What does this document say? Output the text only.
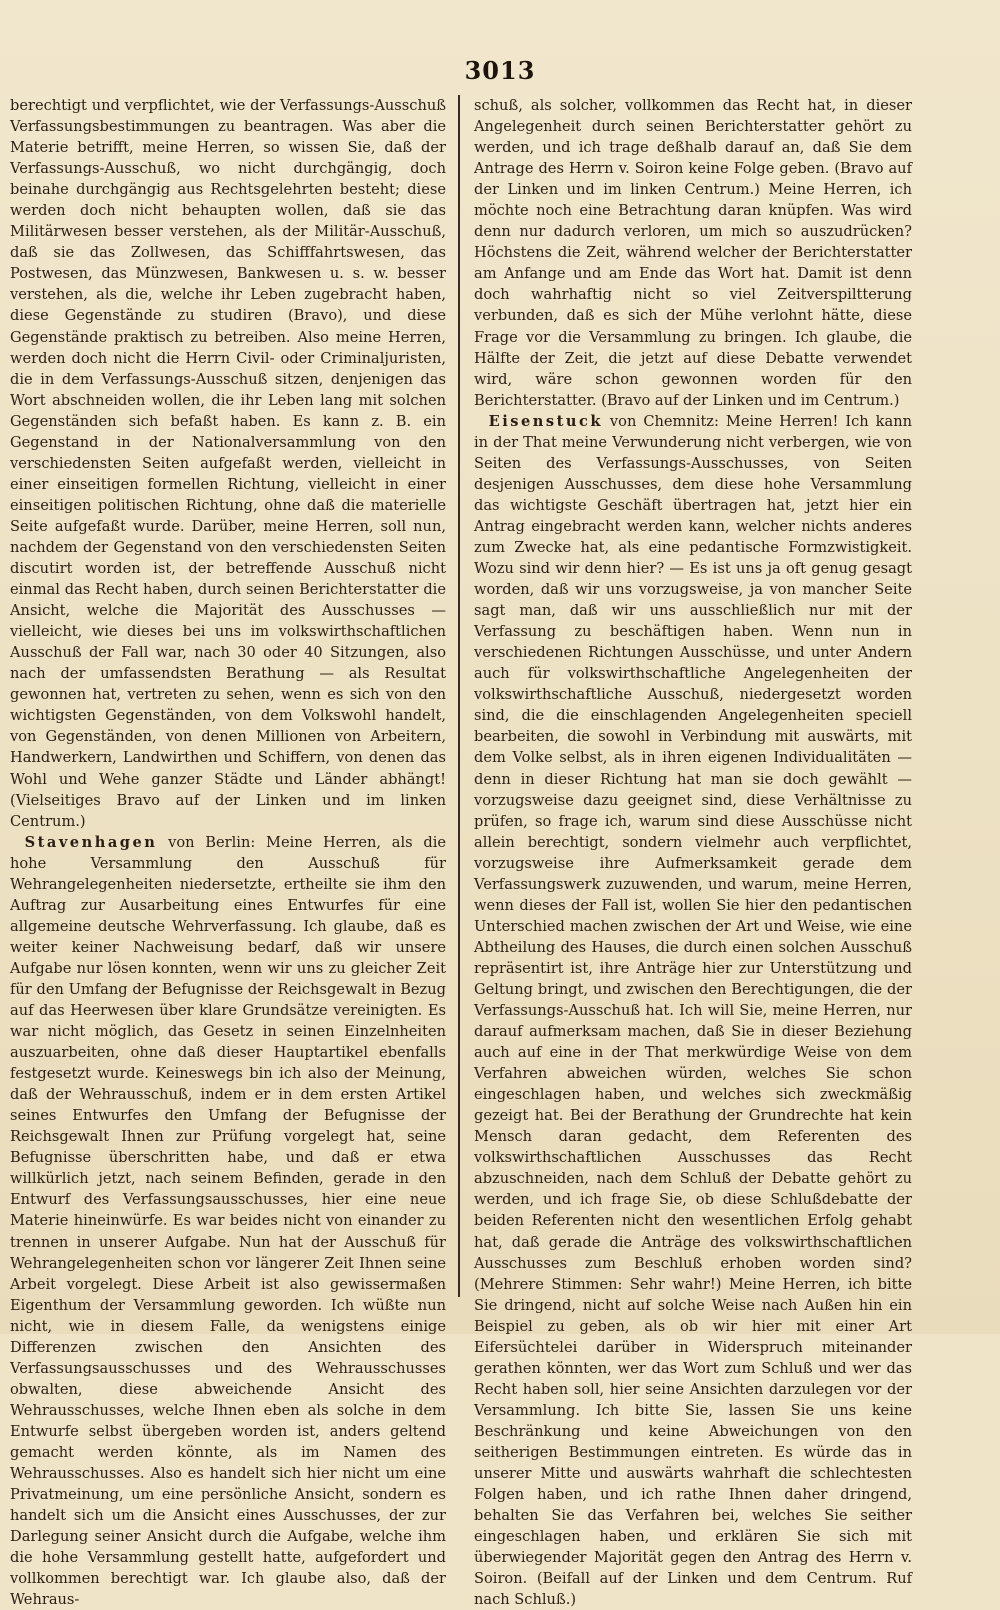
3013

berechtigt und verpflichtet, wie der Verfassungs-Ausschuß Verfassungsbestimmungen zu beantragen. Was aber die Materie betrifft, meine Herren, so wissen Sie, daß der Verfassungs-Ausschuß, wo nicht durchgängig, doch beinahe durchgängig aus Rechtsgelehrten besteht; diese werden doch nicht behaupten wollen, daß sie das Militärwesen besser verstehen, als der Militär-Ausschuß, daß sie das Zollwesen, das Schifffahrtswesen, das Postwesen, das Münzwesen, Bankwesen u. s. w. besser verstehen, als die, welche ihr Leben zugebracht haben, diese Gegenstände zu studiren (Bravo), und diese Gegenstände praktisch zu betreiben. Also meine Herren, werden doch nicht die Herrn Civil- oder Criminaljuristen, die in dem Verfassungs-Ausschuß sitzen, denjenigen das Wort abschneiden wollen, die ihr Leben lang mit solchen Gegenständen sich befaßt haben. Es kann z. B. ein Gegenstand in der Nationalversammlung von den verschiedensten Seiten aufgefaßt werden, vielleicht in einer einseitigen formellen Richtung, vielleicht in einer einseitigen politischen Richtung, ohne daß die materielle Seite aufgefaßt wurde. Darüber, meine Herren, soll nun, nachdem der Gegenstand von den verschiedensten Seiten discutirt worden ist, der betreffende Ausschuß nicht einmal das Recht haben, durch seinen Berichterstatter die Ansicht, welche die Majorität des Ausschusses — vielleicht, wie dieses bei uns im volkswirthschaftlichen Ausschuß der Fall war, nach 30 oder 40 Sitzungen, also nach der umfassendsten Berathung — als Resultat gewonnen hat, vertreten zu sehen, wenn es sich von den wichtigsten Gegenständen, von dem Volkswohl handelt, von Gegenständen, von denen Millionen von Arbeitern, Handwerkern, Landwirthen und Schiffern, von denen das Wohl und Wehe ganzer Städte und Länder abhängt! (Vielseitiges Bravo auf der Linken und im linken Centrum.)

 Stavenhagen von Berlin: Meine Herren, als die hohe Versammlung den Ausschuß für Wehrangelegenheiten niedersetzte, ertheilte sie ihm den Auftrag zur Ausarbeitung eines Entwurfes für eine allgemeine deutsche Wehrverfassung. Ich glaube, daß es weiter keiner Nachweisung bedarf, daß wir unsere Aufgabe nur lösen konnten, wenn wir uns zu gleicher Zeit für den Umfang der Befugnisse der Reichsgewalt in Bezug auf das Heerwesen über klare Grundsätze vereinigten. Es war nicht möglich, das Gesetz in seinen Einzelnheiten auszuarbeiten, ohne daß dieser Hauptartikel ebenfalls festgesetzt wurde. Keineswegs bin ich also der Meinung, daß der Wehrausschuß, indem er in dem ersten Artikel seines Entwurfes den Umfang der Befugnisse der Reichsgewalt Ihnen zur Prüfung vorgelegt hat, seine Befugnisse überschritten habe, und daß er etwa willkürlich jetzt, nach seinem Befinden, gerade in den Entwurf des Verfassungsausschusses, hier eine neue Materie hineinwürfe. Es war beides nicht von einander zu trennen in unserer Aufgabe. Nun hat der Ausschuß für Wehrangelegenheiten schon vor längerer Zeit Ihnen seine Arbeit vorgelegt. Diese Arbeit ist also gewissermaßen Eigenthum der Versammlung geworden. Ich wüßte nun nicht, wie in diesem Falle, da wenigstens einige Differenzen zwischen den Ansichten des Verfassungsausschusses und des Wehrausschusses obwalten, diese abweichende Ansicht des Wehrausschusses, welche Ihnen eben als solche in dem Entwurfe selbst übergeben worden ist, anders geltend gemacht werden könnte, als im Namen des Wehrausschusses. Also es handelt sich hier nicht um eine Privatmeinung, um eine persönliche Ansicht, sondern es handelt sich um die Ansicht eines Ausschusses, der zur Darlegung seiner Ansicht durch die Aufgabe, welche ihm die hohe Versammlung gestellt hatte, aufgefordert und vollkommen berechtigt war. Ich glaube also, daß der Wehraus-

schuß, als solcher, vollkommen das Recht hat, in dieser Angelegenheit durch seinen Berichterstatter gehört zu werden, und ich trage deßhalb darauf an, daß Sie dem Antrage des Herrn v. Soiron keine Folge geben. (Bravo auf der Linken und im linken Centrum.) Meine Herren, ich möchte noch eine Betrachtung daran knüpfen. Was wird denn nur dadurch verloren, um mich so auszudrücken? Höchstens die Zeit, während welcher der Berichterstatter am Anfange und am Ende das Wort hat. Damit ist denn doch wahrhaftig nicht so viel Zeitverspiltterung verbunden, daß es sich der Mühe verlohnt hätte, diese Frage vor die Versammlung zu bringen. Ich glaube, die Hälfte der Zeit, die jetzt auf diese Debatte verwendet wird, wäre schon gewonnen worden für den Berichterstatter. (Bravo auf der Linken und im Centrum.)

 Eisenstuck von Chemnitz: Meine Herren! Ich kann in der That meine Verwunderung nicht verbergen, wie von Seiten des Verfassungs-Ausschusses, von Seiten desjenigen Ausschusses, dem diese hohe Versammlung das wichtigste Geschäft übertragen hat, jetzt hier ein Antrag eingebracht werden kann, welcher nichts anderes zum Zwecke hat, als eine pedantische Formzwistigkeit. Wozu sind wir denn hier? — Es ist uns ja oft genug gesagt worden, daß wir uns vorzugsweise, ja von mancher Seite sagt man, daß wir uns ausschließlich nur mit der Verfassung zu beschäftigen haben. Wenn nun in verschiedenen Richtungen Ausschüsse, und unter Andern auch für volkswirthschaftliche Angelegenheiten der volkswirthschaftliche Ausschuß, niedergesetzt worden sind, die die einschlagenden Angelegenheiten speciell bearbeiten, die sowohl in Verbindung mit auswärts, mit dem Volke selbst, als in ihren eigenen Individualitäten — denn in dieser Richtung hat man sie doch gewählt — vorzugsweise dazu geeignet sind, diese Verhältnisse zu prüfen, so frage ich, warum sind diese Ausschüsse nicht allein berechtigt, sondern vielmehr auch verpflichtet, vorzugsweise ihre Aufmerksamkeit gerade dem Verfassungswerk zuzuwenden, und warum, meine Herren, wenn dieses der Fall ist, wollen Sie hier den pedantischen Unterschied machen zwischen der Art und Weise, wie eine Abtheilung des Hauses, die durch einen solchen Ausschuß repräsentirt ist, ihre Anträge hier zur Unterstützung und Geltung bringt, und zwischen den Berechtigungen, die der Verfassungs-Ausschuß hat. Ich will Sie, meine Herren, nur darauf aufmerksam machen, daß Sie in dieser Beziehung auch auf eine in der That merkwürdige Weise von dem Verfahren abweichen würden, welches Sie schon eingeschlagen haben, und welches sich zweckmäßig gezeigt hat. Bei der Berathung der Grundrechte hat kein Mensch daran gedacht, dem Referenten des volkswirthschaftlichen Ausschusses das Recht abzuschneiden, nach dem Schluß der Debatte gehört zu werden, und ich frage Sie, ob diese Schlußdebatte der beiden Referenten nicht den wesentlichen Erfolg gehabt hat, daß gerade die Anträge des volkswirthschaftlichen Ausschusses zum Beschluß erhoben worden sind? (Mehrere Stimmen: Sehr wahr!) Meine Herren, ich bitte Sie dringend, nicht auf solche Weise nach Außen hin ein Beispiel zu geben, als ob wir hier mit einer Art Eifersüchtelei darüber in Widerspruch miteinander gerathen könnten, wer das Wort zum Schluß und wer das Recht haben soll, hier seine Ansichten darzulegen vor der Versammlung. Ich bitte Sie, lassen Sie uns keine Beschränkung und keine Abweichungen von den seitherigen Bestimmungen eintreten. Es würde das in unserer Mitte und auswärts wahrhaft die schlechtesten Folgen haben, und ich rathe Ihnen daher dringend, behalten Sie das Verfahren bei, welches Sie seither eingeschlagen haben, und erklären Sie sich mit überwiegender Majorität gegen den Antrag des Herrn v. Soiron. (Beifall auf der Linken und dem Centrum. Ruf nach Schluß.)
